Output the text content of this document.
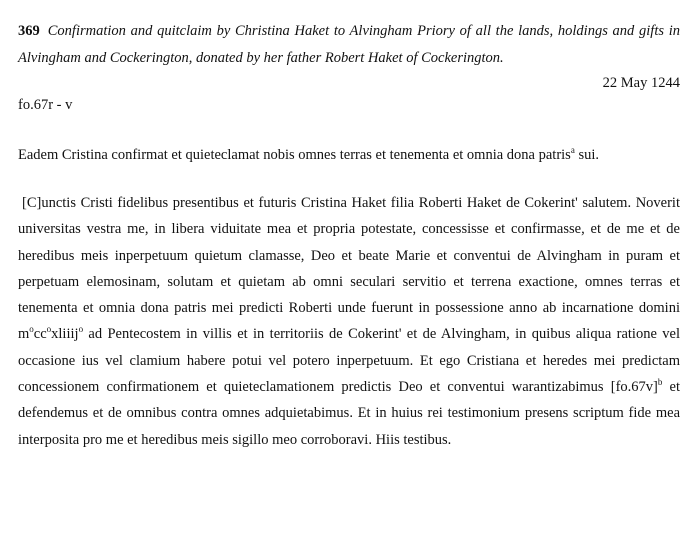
369 Confirmation and quitclaim by Christina Haket to Alvingham Priory of all the lands, holdings and gifts in Alvingham and Cockerington, donated by her father Robert Haket of Cockerington.

22 May 1244

fo.67r - v

Eadem Cristina confirmat et quieteclamat nobis omnes terras et tenementa et omnia dona patris$^a$ sui.

[C]unctis Cristi fidelibus presentibus et futuris Cristina Haket filia Roberti Haket de Cokerint' salutem. Noverit universitas vestra me, in libera viduitate mea et propria potestate, concessisse et confirmasse, et de me et de heredibus meis inperpetuum quietum clamasse, Deo et beate Marie et conventui de Alvingham in puram et perpetuam elemosinam, solutam et quietam ab omni seculari servitio et terrena exactione, omnes terras et tenementa et omnia dona patris mei predicti Roberti unde fuerunt in possessione anno ab incarnatione domini $m^occ^oxliiij^o$ ad Pentecostem in villis et in territoriis de Cokerint' et de Alvingham, in quibus aliqua ratione vel occasione ius vel clamium habere potui vel potero inperpetuum. Et ego Cristiana et heredes mei predictam concessionem confirmationem et quieteclamationem predictis Deo et conventui warantizabimus $[fo.67v]^b$ et defendemus et de omnibus contra omnes adquietabimus. Et in huius rei testimonium presens scriptum fide mea interposita pro me et heredibus meis sigillo meo corroboravi. Hiis testibus.
